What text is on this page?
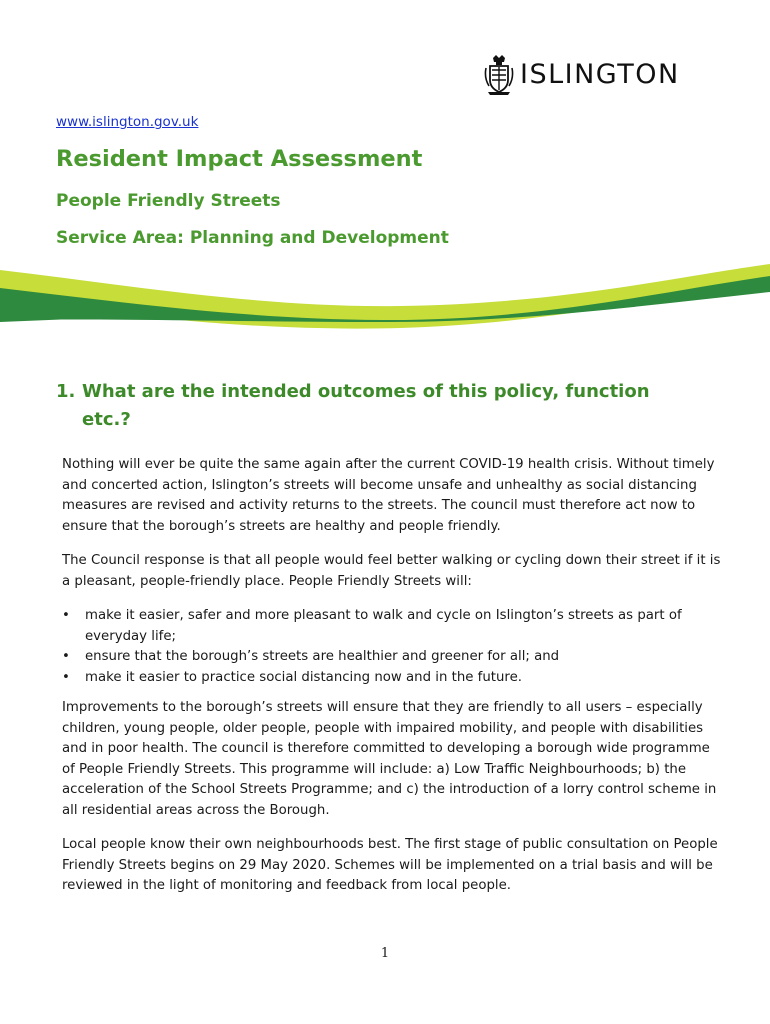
ISLINGTON
www.islington.gov.uk
Resident Impact Assessment
People Friendly Streets
Service Area: Planning and Development
1. What are the intended outcomes of this policy, function etc.?

Nothing will ever be quite the same again after the current COVID-19 health crisis. Without timely and concerted action, Islington’s streets will become unsafe and unhealthy as social distancing measures are revised and activity returns to the streets. The council must therefore act now to ensure that the borough’s streets are healthy and people friendly.

The Council response is that all people would feel better walking or cycling down their street if it is a pleasant, people-friendly place. People Friendly Streets will:

• make it easier, safer and more pleasant to walk and cycle on Islington’s streets as part of everyday life;
• ensure that the borough’s streets are healthier and greener for all; and
• make it easier to practice social distancing now and in the future.

Improvements to the borough’s streets will ensure that they are friendly to all users – especially children, young people, older people, people with impaired mobility, and people with disabilities and in poor health. The council is therefore committed to developing a borough wide programme of People Friendly Streets. This programme will include: a) Low Traffic Neighbourhoods; b) the acceleration of the School Streets Programme; and c) the introduction of a lorry control scheme in all residential areas across the Borough.

Local people know their own neighbourhoods best. The first stage of public consultation on People Friendly Streets begins on 29 May 2020. Schemes will be implemented on a trial basis and will be reviewed in the light of monitoring and feedback from local people.

1
